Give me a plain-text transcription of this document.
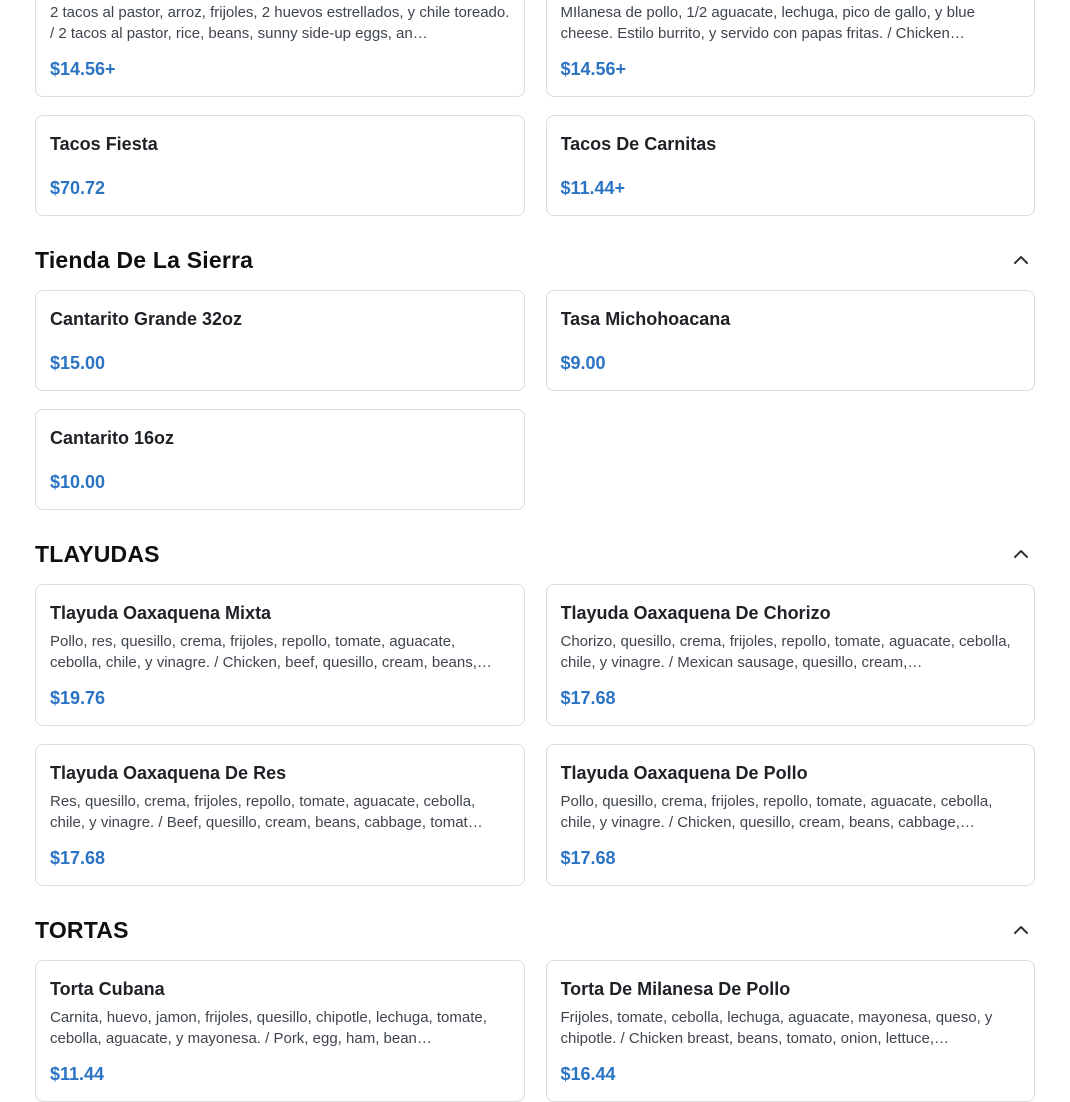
2 tacos al pastor, arroz, frijoles, 2 huevos estrellados, y chile toreado. / 2 tacos al pastor, rice, beans, sunny side-up eggs, an…

$14.56+

MIlanesa de pollo, 1/2 aguacate, lechuga, pico de gallo, y blue cheese. Estilo burrito, y servido con papas fritas. / Chicken…

$14.56+
Tacos Fiesta
$70.72
Tacos De Carnitas
$11.44+
Tienda De La Sierra
Cantarito Grande 32oz
$15.00
Tasa Michohoacana
$9.00
Cantarito 16oz
$10.00
TLAYUDAS
Tlayuda Oaxaquena Mixta

Pollo, res, quesillo, crema, frijoles, repollo, tomate, aguacate, cebolla, chile, y vinagre. / Chicken, beef, quesillo, cream, beans,…

$19.76
Tlayuda Oaxaquena De Chorizo

Chorizo, quesillo, crema, frijoles, repollo, tomate, aguacate, cebolla, chile, y vinagre. / Mexican sausage, quesillo, cream,…

$17.68
Tlayuda Oaxaquena De Res

Res, quesillo, crema, frijoles, repollo, tomate, aguacate, cebolla, chile, y vinagre. / Beef, quesillo, cream, beans, cabbage, tomat…

$17.68
Tlayuda Oaxaquena De Pollo

Pollo, quesillo, crema, frijoles, repollo, tomate, aguacate, cebolla, chile, y vinagre. / Chicken, quesillo, cream, beans, cabbage,…

$17.68
TORTAS
Torta Cubana

Carnita, huevo, jamon, frijoles, quesillo, chipotle, lechuga, tomate, cebolla, aguacate, y mayonesa. / Pork, egg, ham, bean…

$11.44
Torta De Milanesa De Pollo

Frijoles, tomate, cebolla, lechuga, aguacate, mayonesa, queso, y chipotle. / Chicken breast, beans, tomato, onion, lettuce,…

$16.44
